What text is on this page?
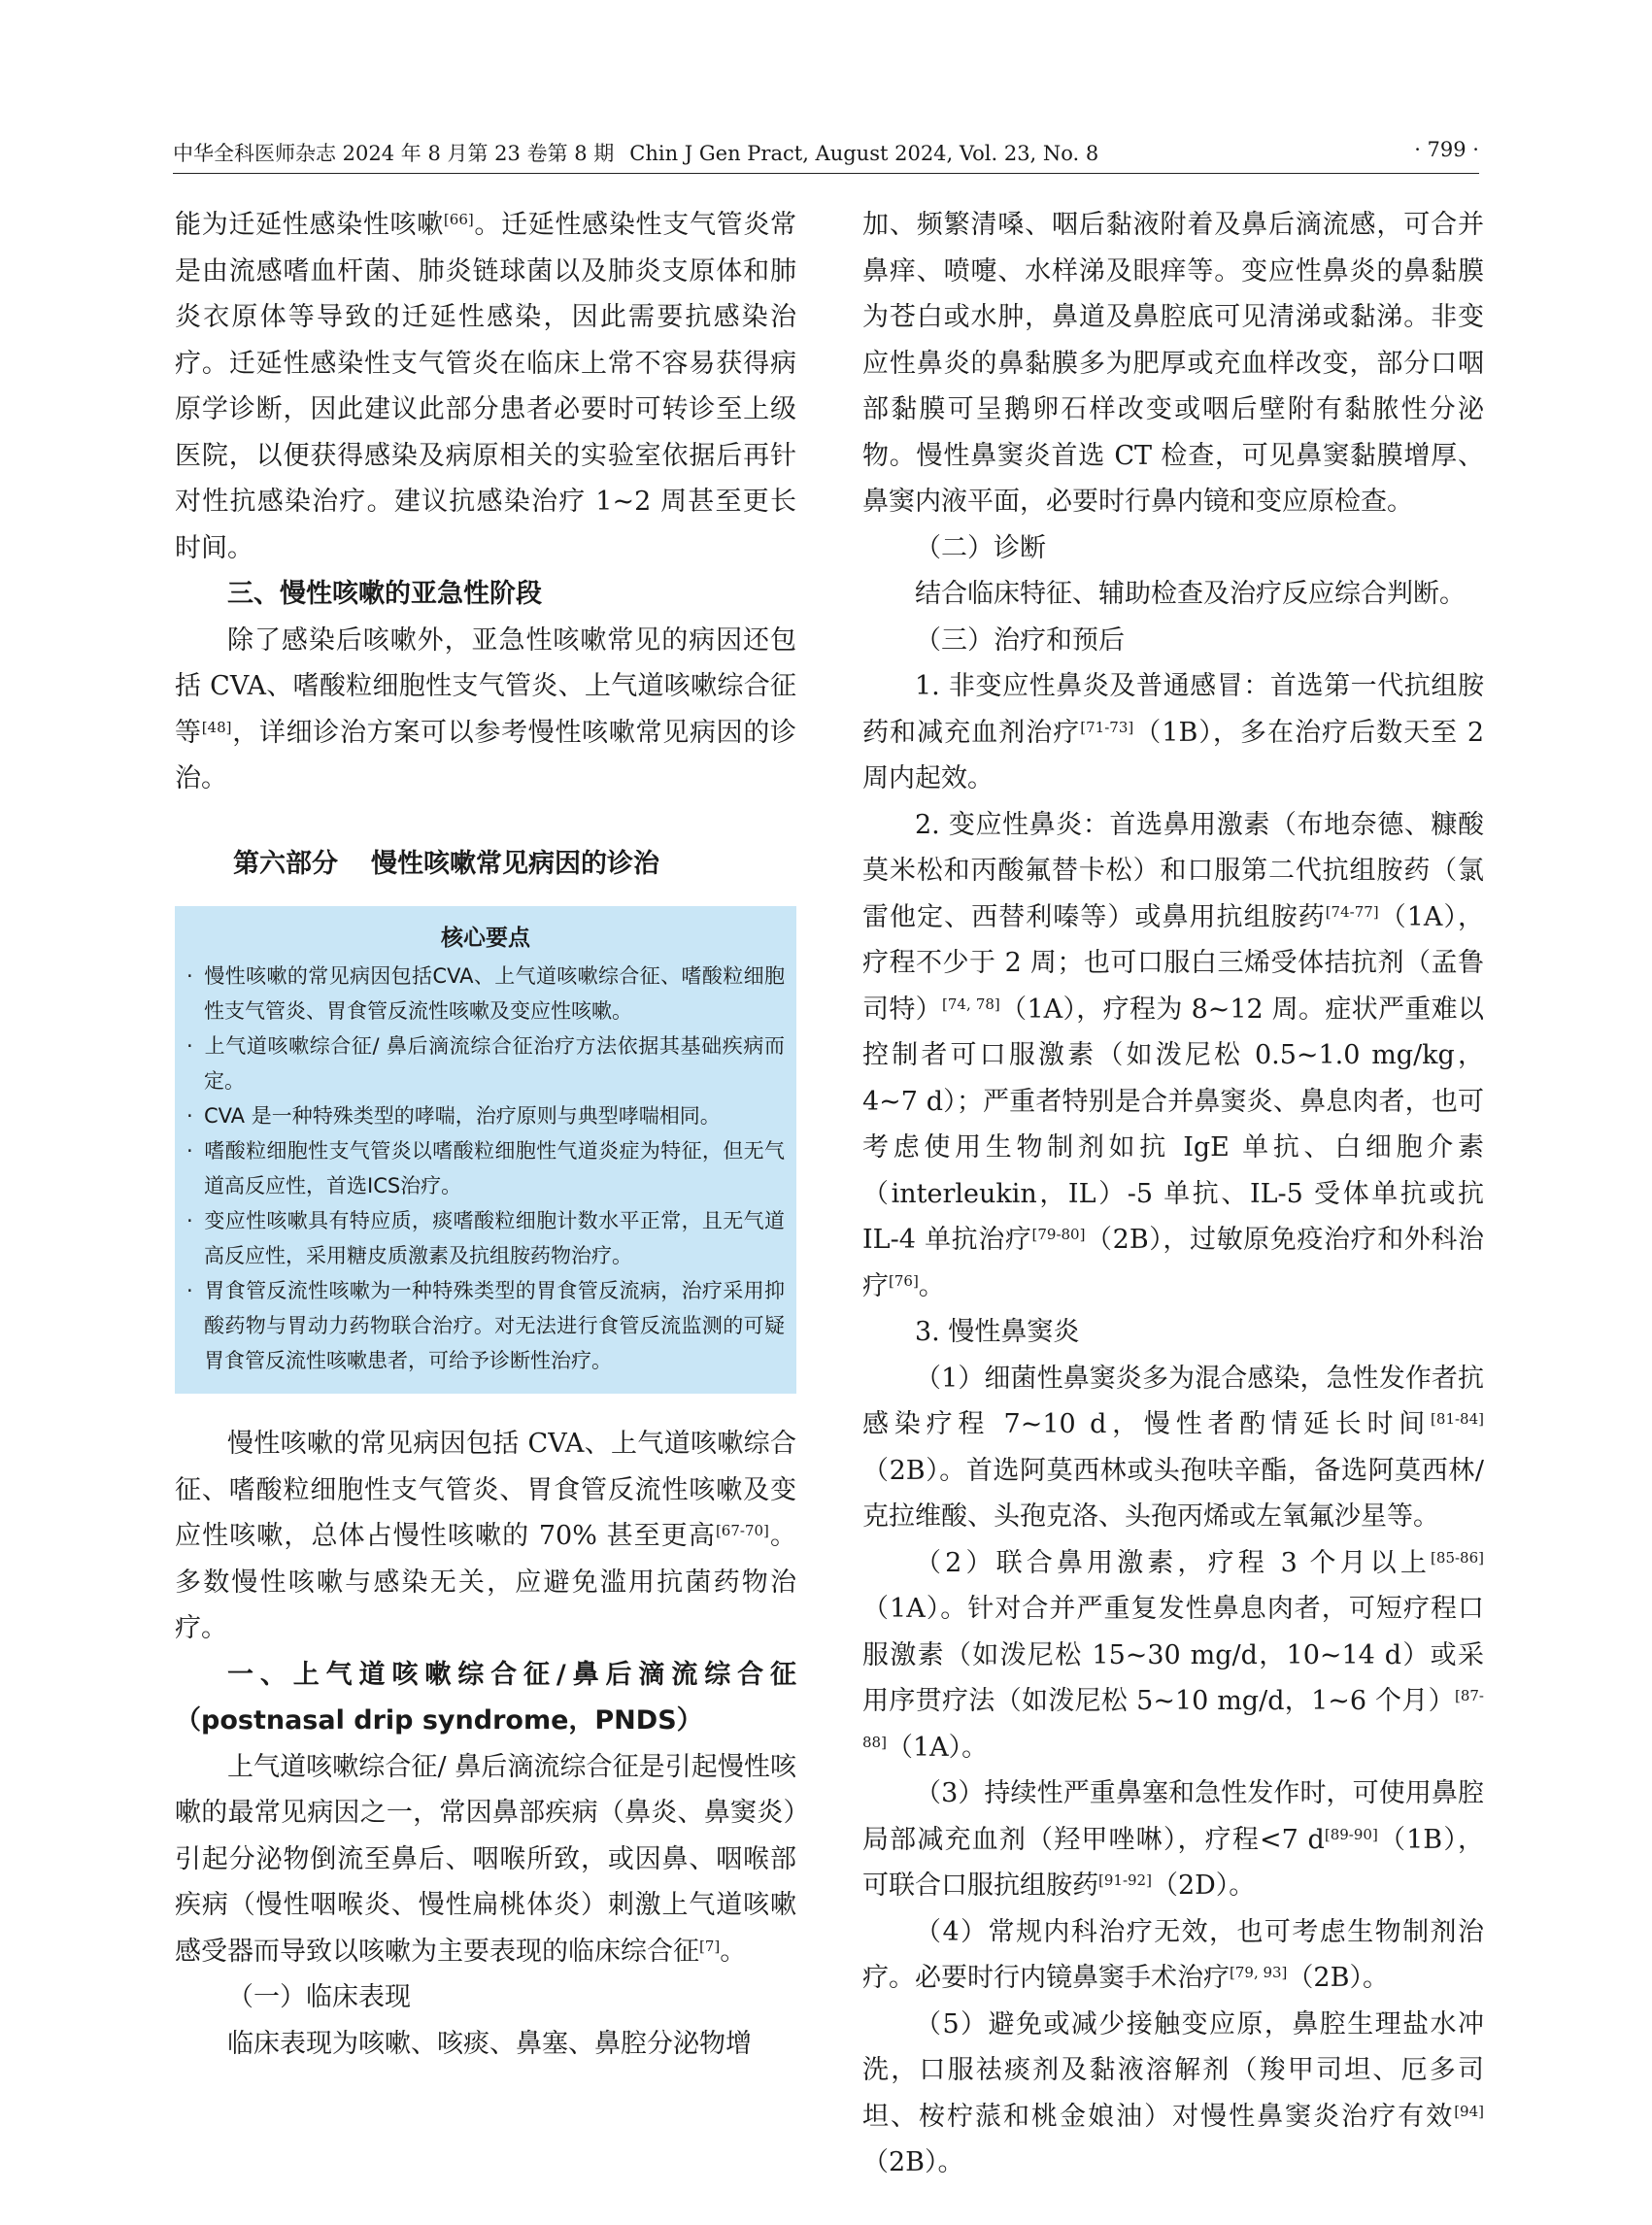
中华全科医师杂志 2024 年 8 月第 23 卷第 8 期 Chin J Gen Pract, August 2024, Vol. 23, No. 8	· 799 ·

能为迁延性感染性咳嗽[66]。迁延性感染性支气管炎常是由流感嗜血杆菌、肺炎链球菌以及肺炎支原体和肺炎衣原体等导致的迁延性感染，因此需要抗感染治疗。迁延性感染性支气管炎在临床上常不容易获得病原学诊断，因此建议此部分患者必要时可转诊至上级医院，以便获得感染及病原相关的实验室依据后再针对性抗感染治疗。建议抗感染治疗 1~2 周甚至更长时间。

三、慢性咳嗽的亚急性阶段

除了感染后咳嗽外，亚急性咳嗽常见的病因还包括 CVA、嗜酸粒细胞性支气管炎、上气道咳嗽综合征等[48]，详细诊治方案可以参考慢性咳嗽常见病因的诊治。

第六部分 慢性咳嗽常见病因的诊治
核心要点
· 慢性咳嗽的常见病因包括CVA、上气道咳嗽综合征、嗜酸粒细胞性支气管炎、胃食管反流性咳嗽及变应性咳嗽。
· 上气道咳嗽综合征/ 鼻后滴流综合征治疗方法依据其基础疾病而定。
· CVA 是一种特殊类型的哮喘，治疗原则与典型哮喘相同。
· 嗜酸粒细胞性支气管炎以嗜酸粒细胞性气道炎症为特征，但无气道高反应性，首选ICS治疗。
· 变应性咳嗽具有特应质，痰嗜酸粒细胞计数水平正常，且无气道高反应性，采用糖皮质激素及抗组胺药物治疗。
· 胃食管反流性咳嗽为一种特殊类型的胃食管反流病，治疗采用抑酸药物与胃动力药物联合治疗。对无法进行食管反流监测的可疑胃食管反流性咳嗽患者，可给予诊断性治疗。

慢性咳嗽的常见病因包括 CVA、上气道咳嗽综合征、嗜酸粒细胞性支气管炎、胃食管反流性咳嗽及变应性咳嗽，总体占慢性咳嗽的 70% 甚至更高[67-70]。多数慢性咳嗽与感染无关，应避免滥用抗菌药物治疗。

一、上气道咳嗽综合征/鼻后滴流综合征（postnasal drip syndrome，PNDS）

上气道咳嗽综合征/ 鼻后滴流综合征是引起慢性咳嗽的最常见病因之一，常因鼻部疾病（鼻炎、鼻窦炎）引起分泌物倒流至鼻后、咽喉所致，或因鼻、咽喉部疾病（慢性咽喉炎、慢性扁桃体炎）刺激上气道咳嗽感受器而导致以咳嗽为主要表现的临床综合征[7]。

（一）临床表现

临床表现为咳嗽、咳痰、鼻塞、鼻腔分泌物增

加、频繁清嗓、咽后黏液附着及鼻后滴流感，可合并鼻痒、喷嚏、水样涕及眼痒等。变应性鼻炎的鼻黏膜为苍白或水肿，鼻道及鼻腔底可见清涕或黏涕。非变应性鼻炎的鼻黏膜多为肥厚或充血样改变，部分口咽部黏膜可呈鹅卵石样改变或咽后壁附有黏脓性分泌物。慢性鼻窦炎首选 CT 检查，可见鼻窦黏膜增厚、鼻窦内液平面，必要时行鼻内镜和变应原检查。

（二）诊断

结合临床特征、辅助检查及治疗反应综合判断。

（三）治疗和预后

1. 非变应性鼻炎及普通感冒：首选第一代抗组胺药和减充血剂治疗[71-73]（1B），多在治疗后数天至 2 周内起效。

2. 变应性鼻炎：首选鼻用激素（布地奈德、糠酸莫米松和丙酸氟替卡松）和口服第二代抗组胺药（氯雷他定、西替利嗪等）或鼻用抗组胺药[74-77]（1A），疗程不少于 2 周；也可口服白三烯受体拮抗剂（孟鲁司特）[74, 78]（1A），疗程为 8~12 周。症状严重难以控制者可口服激素（如泼尼松 0.5~1.0 mg/kg，4~7 d）；严重者特别是合并鼻窦炎、鼻息肉者，也可考虑使用生物制剂如抗 IgE 单抗、白细胞介素（interleukin，IL）-5 单抗、IL-5 受体单抗或抗 IL-4 单抗治疗[79-80]（2B），过敏原免疫治疗和外科治疗[76]。

3. 慢性鼻窦炎

（1）细菌性鼻窦炎多为混合感染，急性发作者抗感染疗程 7~10 d，慢性者酌情延长时间[81-84]（2B）。首选阿莫西林或头孢呋辛酯，备选阿莫西林/克拉维酸、头孢克洛、头孢丙烯或左氧氟沙星等。

（2）联合鼻用激素，疗程 3 个月以上[85-86]（1A）。针对合并严重复发性鼻息肉者，可短疗程口服激素（如泼尼松 15~30 mg/d，10~14 d）或采用序贯疗法（如泼尼松 5~10 mg/d，1~6 个月）[87-88]（1A）。

（3）持续性严重鼻塞和急性发作时，可使用鼻腔局部减充血剂（羟甲唑啉），疗程<7 d[89-90]（1B），可联合口服抗组胺药[91-92]（2D）。

（4）常规内科治疗无效，也可考虑生物制剂治疗。必要时行内镜鼻窦手术治疗[79, 93]（2B）。

（5）避免或减少接触变应原，鼻腔生理盐水冲洗，口服祛痰剂及黏液溶解剂（羧甲司坦、厄多司坦、桉柠蒎和桃金娘油）对慢性鼻窦炎治疗有效[94]（2B）。
